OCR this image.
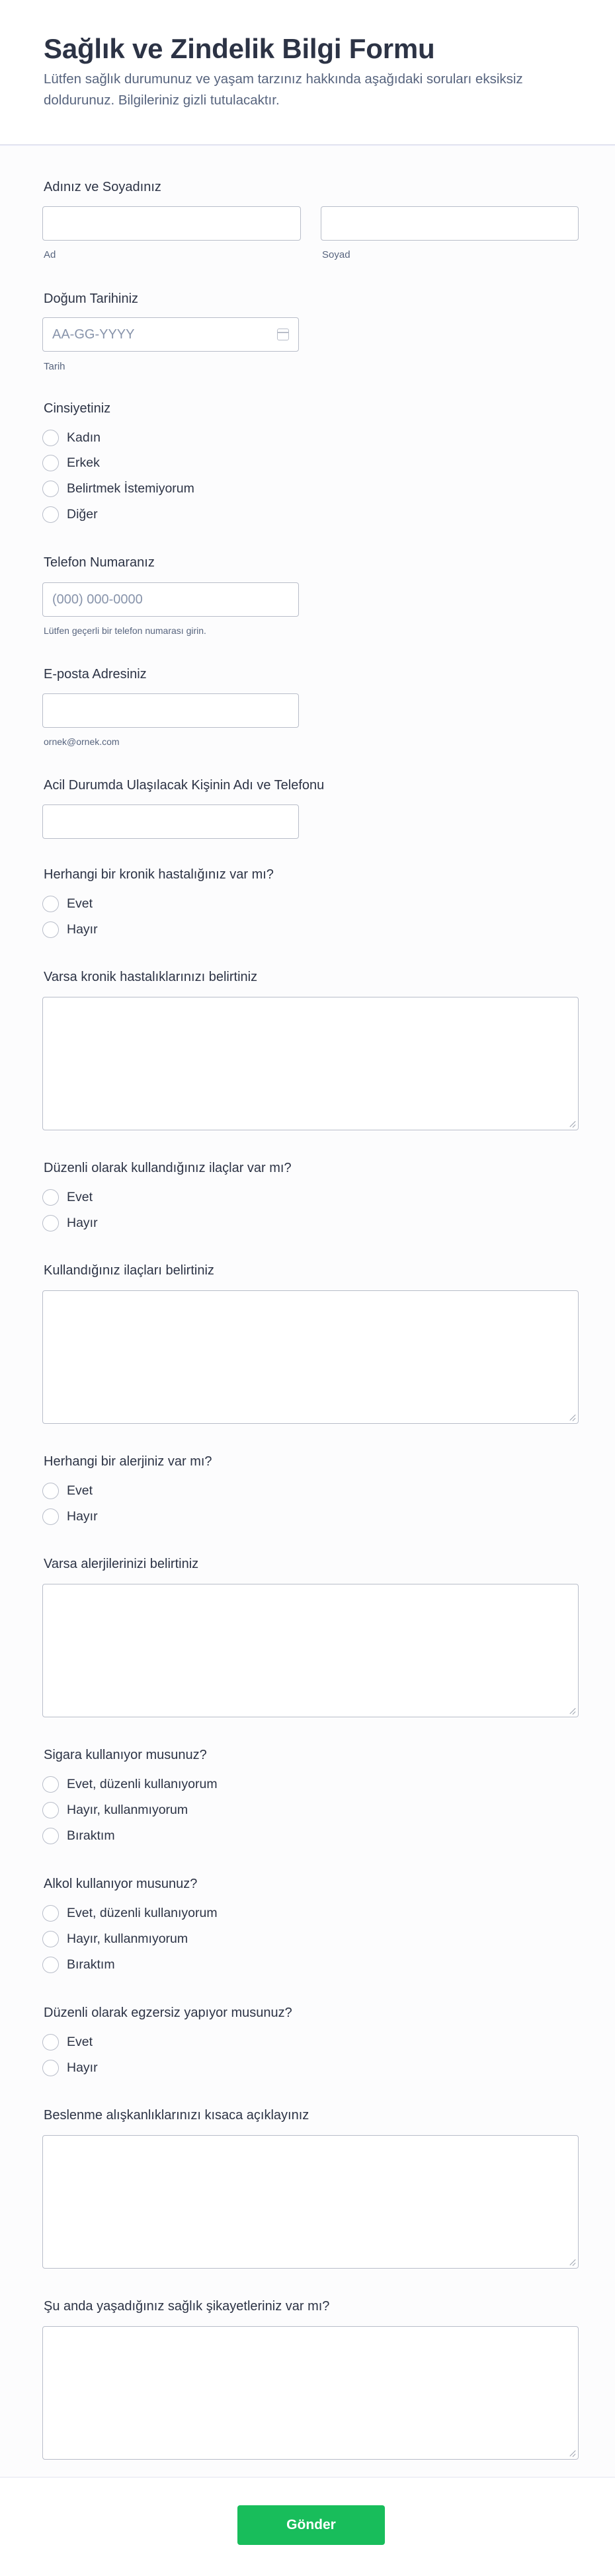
Sağlık ve Zindelik Bilgi Formu
Lütfen sağlık durumunuz ve yaşam tarzınız hakkında aşağıdaki soruları eksiksiz doldurunuz. Bilgileriniz gizli tutulacaktır.
Adınız ve Soyadınız
Ad	Soyad
Doğum Tarihiniz
AA-GG-YYYY
Tarih
Cinsiyetiniz
Kadın
Erkek
Belirtmek İstemiyorum
Diğer
Telefon Numaranız
(000) 000-0000
Lütfen geçerli bir telefon numarası girin.
E-posta Adresiniz
ornek@ornek.com
Acil Durumda Ulaşılacak Kişinin Adı ve Telefonu
Herhangi bir kronik hastalığınız var mı?
Evet
Hayır
Varsa kronik hastalıklarınızı belirtiniz
Düzenli olarak kullandığınız ilaçlar var mı?
Evet
Hayır
Kullandığınız ilaçları belirtiniz
Herhangi bir alerjiniz var mı?
Evet
Hayır
Varsa alerjilerinizi belirtiniz
Sigara kullanıyor musunuz?
Evet, düzenli kullanıyorum
Hayır, kullanmıyorum
Bıraktım
Alkol kullanıyor musunuz?
Evet, düzenli kullanıyorum
Hayır, kullanmıyorum
Bıraktım
Düzenli olarak egzersiz yapıyor musunuz?
Evet
Hayır
Beslenme alışkanlıklarınızı kısaca açıklayınız
Şu anda yaşadığınız sağlık şikayetleriniz var mı?
Gönder
